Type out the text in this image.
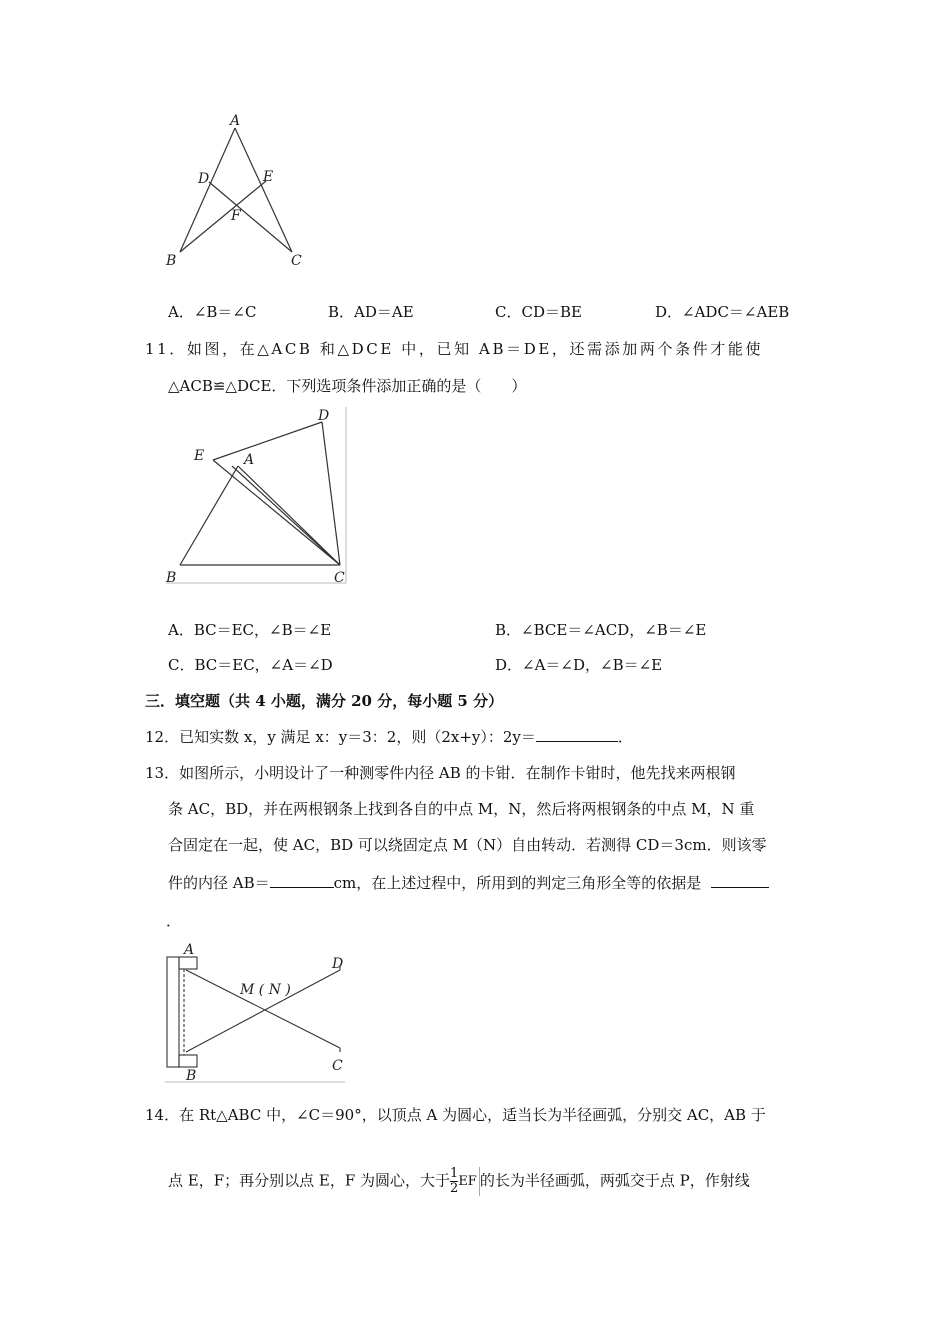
A
D	E
F
B	C
A．∠B＝∠C	B．AD＝AE	C．CD＝BE	D．∠ADC＝∠AEB
11．如图，在△ACB 和△DCE 中，已知 AB＝DE，还需添加两个条件才能使
△ACB≌△DCE．下列选项条件添加正确的是（　　）
E	A
D
B	C
A．BC＝EC，∠B＝∠E	B．∠BCE＝∠ACD，∠B＝∠E
C．BC＝EC，∠A＝∠D	D．∠A＝∠D，∠B＝∠E
三．填空题（共 4 小题，满分 20 分，每小题 5 分）
12．已知实数 x，y 满足 x：y＝3：2，则（2x+y）：2y＝	．
13．如图所示，小明设计了一种测零件内径 AB 的卡钳．在制作卡钳时，他先找来两根钢
条 AC，BD，并在两根钢条上找到各自的中点 M，N，然后将两根钢条的中点 M，N 重
合固定在一起，使 AC，BD 可以绕固定点 M（N）自由转动．若测得 CD＝3cm．则该零
件的内径 AB＝	cm，在上述过程中，所用到的判定三角形全等的依据是
．
A
D
M ( N )
B
C
14．在 Rt△ABC 中，∠C＝90°，以顶点 A 为圆心，适当长为半径画弧，分别交 AC，AB 于
点 E，F；再分别以点 E，F 为圆心，大于 $\frac{1}{2}$ EF 的长为半径画弧，两弧交于点 P，作射线
